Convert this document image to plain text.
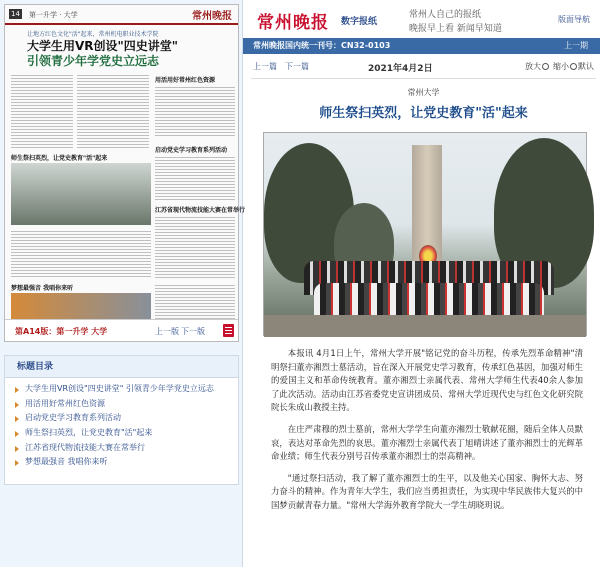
14 第一升学 · 大学	常州晚报
让地方红色文化"活"起来，常州机电职业技术学院
大学生用VR创设"四史讲堂"
引领青少年学党史立远志
用活用好常州红色资源
启动党史学习教育系列活动
师生祭扫英烈，让党史教育"活"起来
江苏省现代物流技能大赛在常举行
梦想最强音 我唱你来听
第A14版：第一升学 大学	上一版 下一版
标题目录
大学生用VR创设"四史讲堂" 引领青少年学党史立远志
用活用好常州红色资源
启动党史学习教育系列活动
师生祭扫英烈，让党史教育"活"起来
江苏省现代物流技能大赛在常举行
梦想最强音 我唱你来听
常州晚报 数字报纸
常州人自己的报纸
晚报早上看 新闻早知道
版面导航
常州晚报国内统一刊号：CN32-0103	上一期
上一篇 下一篇	2021年4月2日	放大	缩小	默认
常州大学
师生祭扫英烈，让党史教育"活"起来

本报讯 4月1日上午，常州大学开展"铭记党的奋斗历程，传承先烈革命精神"清明祭扫董亦湘烈士墓活动，旨在深入开展党史学习教育，传承红色基因，加强对师生的爱国主义和革命传统教育。董亦湘烈士亲属代表、常州大学师生代表40余人参加了此次活动。活动由江苏省委党史宣讲团成员、常州大学近现代史与红色文化研究院院长朱成山教授主持。

在庄严肃穆的烈士墓前，常州大学学生向董亦湘烈士敬献花圈，随后全体人员默哀，表达对革命先烈的哀思。董亦湘烈士亲属代表丁旭晴讲述了董亦湘烈士的光辉革命业绩；师生代表分别号召传承董亦湘烈士的崇高精神。

"通过祭扫活动，我了解了董亦湘烈士的生平，以及他关心国家、胸怀大志、努力奋斗的精神。作为青年大学生，我们应当勇担责任，为实现中华民族伟大复兴的中国梦贡献青春力量。"常州大学海外教育学院大一学生胡晓玥说。
